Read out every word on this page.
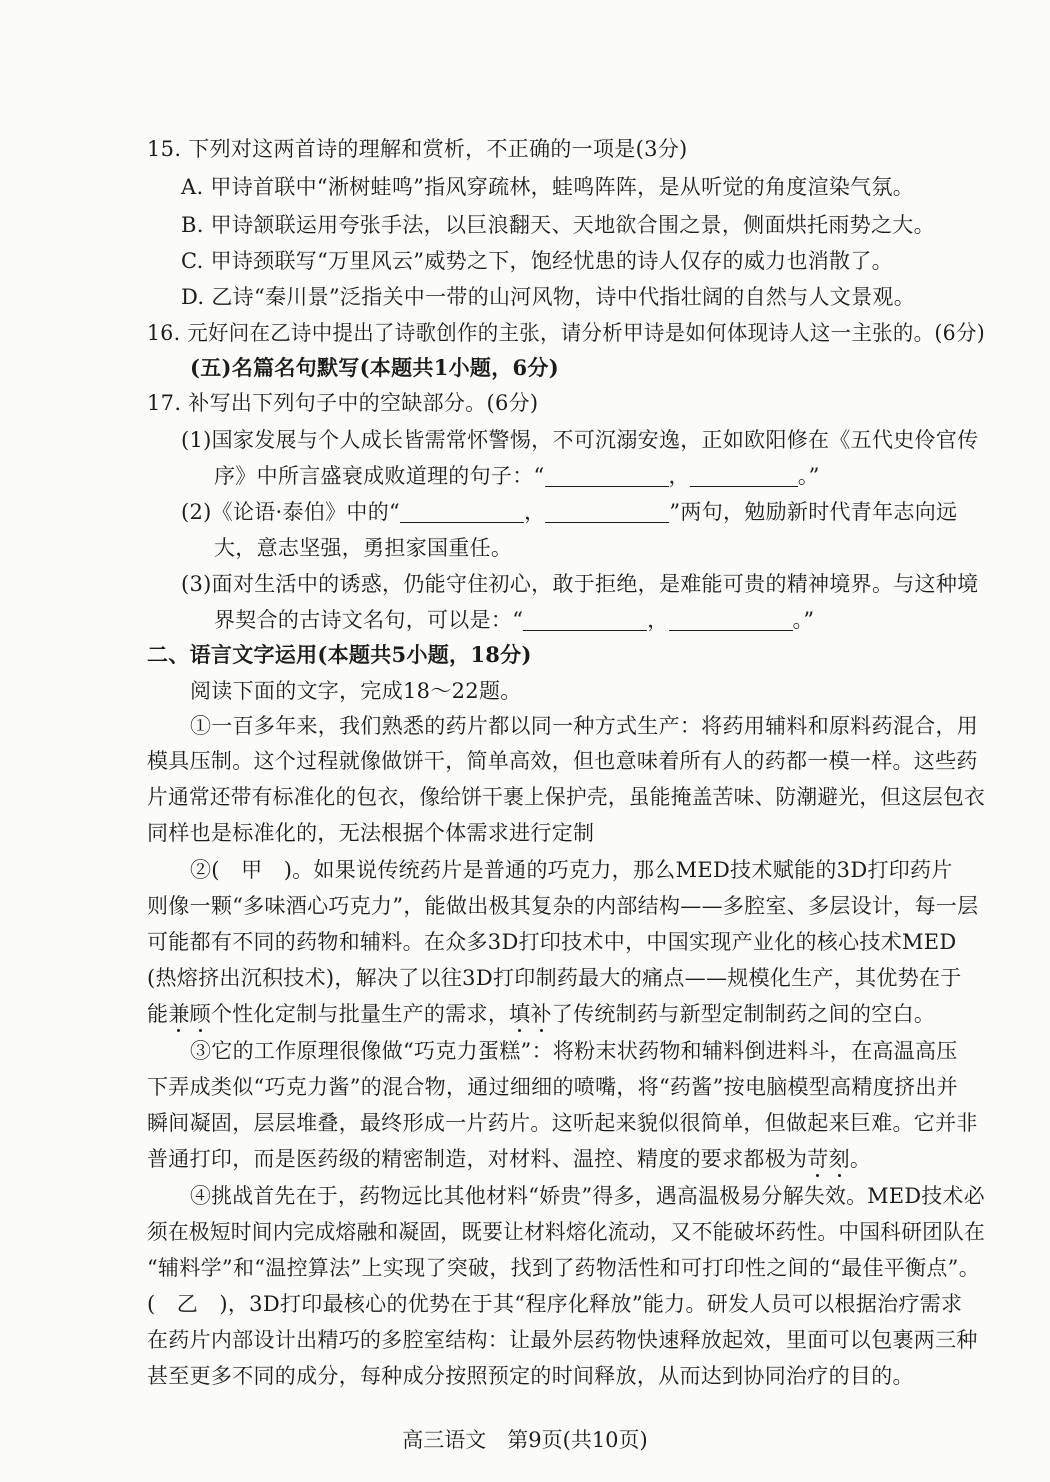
15. 下列对这两首诗的理解和赏析，不正确的一项是(3分)
A. 甲诗首联中“淅树蛙鸣”指风穿疏林，蛙鸣阵阵，是从听觉的角度渲染气氛。
B. 甲诗颔联运用夸张手法，以巨浪翻天、天地欲合围之景，侧面烘托雨势之大。
C. 甲诗颈联写“万里风云”威势之下，饱经忧患的诗人仅存的威力也消散了。
D. 乙诗“秦川景”泛指关中一带的山河风物，诗中代指壮阔的自然与人文景观。
16. 元好问在乙诗中提出了诗歌创作的主张，请分析甲诗是如何体现诗人这一主张的。(6分)
(五)名篇名句默写(本题共1小题，6分)
17. 补写出下列句子中的空缺部分。(6分)
(1)国家发展与个人成长皆需常怀警惕，不可沉溺安逸，正如欧阳修在《五代史伶官传
序》中所言盛衰成败道理的句子：“	，	。”
(2)《论语·泰伯》中的“	，	”两句，勉励新时代青年志向远
大，意志坚强，勇担家国重任。
(3)面对生活中的诱惑，仍能守住初心，敢于拒绝，是难能可贵的精神境界。与这种境
界契合的古诗文名句，可以是：“	，	。”
二、语言文字运用(本题共5小题，18分)
阅读下面的文字，完成18～22题。
①一百多年来，我们熟悉的药片都以同一种方式生产：将药用辅料和原料药混合，用
模具压制。这个过程就像做饼干，简单高效，但也意味着所有人的药都一模一样。这些药
片通常还带有标准化的包衣，像给饼干裹上保护壳，虽能掩盖苦味、防潮避光，但这层包衣
同样也是标准化的，无法根据个体需求进行定制
②(　甲　)。如果说传统药片是普通的巧克力，那么MED技术赋能的3D打印药片
则像一颗“多味酒心巧克力”，能做出极其复杂的内部结构——多腔室、多层设计，每一层
可能都有不同的药物和辅料。在众多3D打印技术中，中国实现产业化的核心技术MED
(热熔挤出沉积技术)，解决了以往3D打印制药最大的痛点——规模化生产，其优势在于
能兼顾个性化定制与批量生产的需求，填补了传统制药与新型定制制药之间的空白。
③它的工作原理很像做“巧克力蛋糕”：将粉末状药物和辅料倒进料斗，在高温高压
下弄成类似“巧克力酱”的混合物，通过细细的喷嘴，将“药酱”按电脑模型高精度挤出并
瞬间凝固，层层堆叠，最终形成一片药片。这听起来貌似很简单，但做起来巨难。它并非
普通打印，而是医药级的精密制造，对材料、温控、精度的要求都极为苛刻。
④挑战首先在于，药物远比其他材料“娇贵”得多，遇高温极易分解失效。MED技术必
须在极短时间内完成熔融和凝固，既要让材料熔化流动，又不能破坏药性。中国科研团队在
“辅料学”和“温控算法”上实现了突破，找到了药物活性和可打印性之间的“最佳平衡点”。
(　乙　)，3D打印最核心的优势在于其“程序化释放”能力。研发人员可以根据治疗需求
在药片内部设计出精巧的多腔室结构：让最外层药物快速释放起效，里面可以包裹两三种
甚至更多不同的成分，每种成分按照预定的时间释放，从而达到协同治疗的目的。
高三语文　第9页(共10页)
